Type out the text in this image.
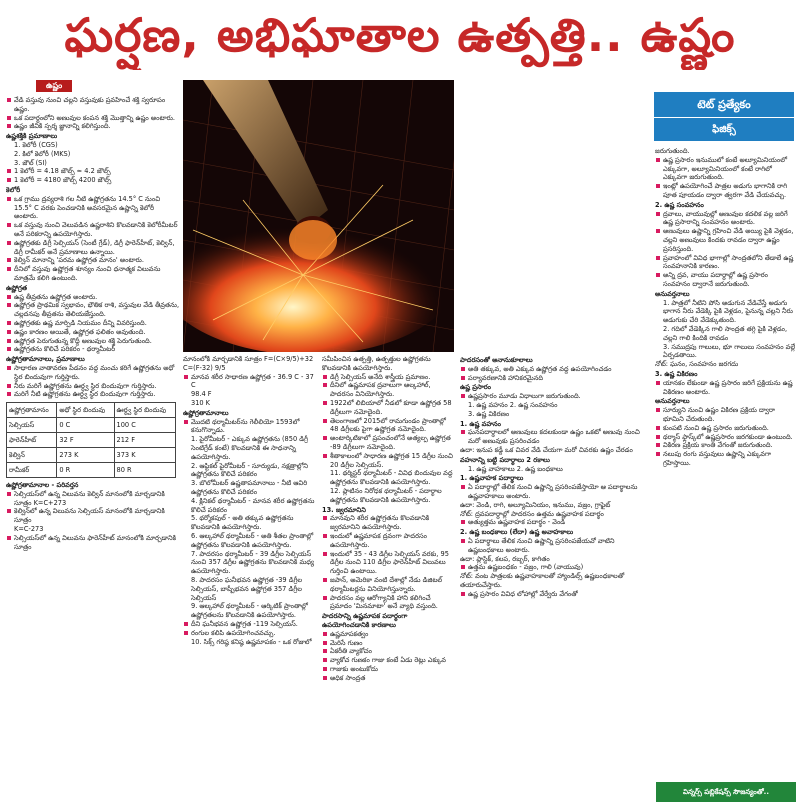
ఘర్షణ, అభిఘాతాల ఉత్పత్తి.. ఉష్ణం
ఉష్ణం

వేడి వస్తువు నుంచి చల్లని వస్తువుకు ప్రవహించే శక్తి స్వరూపం ఉష్ణం.

ఒక పదార్థంలోని అణువుల కంపన శక్తి మొత్తాన్ని ఉష్ణం అంటారు.

ఉష్ణం జీవికి స్పర్శ జ్ఞానాన్ని కలిగిస్తుంది.

ఉష్ణశక్తికి ప్రమాణాలు

1. కెలోరీ (CGS)

2. కిలో కెలోరీ (MKS)

3. జౌల్ (SI)

1 కెలోరీ = 4.18 జౌల్స్ ≈ 4.2 జౌల్స్

1 కెలోరీ = 4180 జౌల్స్ 4200 జౌల్స్

కెలోరీ

ఒక గ్రాము ద్రవ్యరాశి గల నీటి ఉష్ణోగ్రతను 14.5° C నుంచి 15.5° C వరకు పెంచడానికి అవసరమైన ఉష్ణాన్ని కెలోరీ అంటారు.

ఒక వస్తువు నుంచి వెలువడిన ఉష్ణరాశిని కొలవడానికి కెలోరీమీటర్ అనే పరికరాన్ని ఉపయోగిస్తారు.

ఉష్ణోగ్రతకు డిగ్రీ సెల్సియస్ (సెంటీ గ్రేడ్), డిగ్రీ ఫారెన్‌హీట్, కెల్విన్, డిగ్రీ రామీకర్ అనే ప్రమాణాలు ఉన్నాయి.

కెల్విన్ మానాన్ని 'పరమ ఉష్ణోగ్రత మానం' అంటారు.

దీనిలో వస్తువు ఉష్ణోగ్రత శూన్యం నుంచి ధనాత్మక విలువను మాత్రమే కలిగి ఉంటుంది.

ఉష్ణోగ్రత

ఉష్ణ తీవ్రతను ఉష్ణోగ్రత అంటారు.

ఉష్ణోగ్రత ప్రాథమిక స్వభావం, భౌతిక రాశి, వస్తువుల వేడి తీవ్రతను, చల్లదనపు తీవ్రతను తెలియజేస్తుంది.

ఉష్ణోగ్రతకు ఉష్ణ మార్పిడి నియమం దీన్ని వివరిస్తుంది.

ఉష్ణం కారణం అయితే, ఉష్ణోగ్రత ఫలితం అవుతుంది.

ఉష్ణోగ్రత పెరుగుతున్న కొద్దీ అణువుల శక్తి పెరుగుతుంది.

ఉష్ణోగ్రతను కొలిచే పరికరం - థర్మామీటర్

ఉష్ణోగ్రతామానాలు, ప్రమాణాలు

సాధారణ వాతావరణ పీడనం వద్ద మంచు కరిగే ఉష్ణోగ్రతను అధో స్థిర బిందువుగా గుర్తిస్తారు.

నీరు మరిగే ఉష్ణోగ్రతను ఊర్ధ్వ స్థిర బిందువుగా గుర్తిస్తారు.

మరిగే నీటి ఉష్ణోగ్రతను ఊర్ధ్వ స్థిర బిందువుగా గుర్తిస్తారు.

ఉష్ణోగ్రతామానం	అధో స్థిర బిందువు	ఊర్ధ్వ స్థిర బిందువు
సెల్సియస్	0 C	100 C
ఫారెన్‌హీట్	32 F	212 F
కెల్విన్	273 K	373 K
రామీకర్	0 R	80 R

ఉష్ణోగ్రతామానాల - పరివర్తన

సెల్సియస్‌లో ఉన్న విలువను కెల్విన్ మానంలోకి మార్చడానికి సూత్రం K=C+273

కెల్విన్‌లో ఉన్న విలువను సెల్సియస్ మానంలోకి మార్చడానికి సూత్రం

K=C-273

సెల్సియస్‌లో ఉన్న విలువను ఫారెన్‌హీట్ మానంలోకి మార్చడానికి సూత్రం

మానంలోకి మార్చడానికి సూత్రం F=(C×9/5)+32

C=(F-32) 9/5

మానవ శరీర సాధారణ ఉష్ణోగ్రత - 36.9 C - 37 C

98.4 F

310 K

ఉష్ణోగ్రతామానాలు

మొదటి థర్మామీటర్‌ను గెలీలియో 1593లో కనుగొన్నాడు.

1. పైరోమీటర్ - ఎక్కువ ఉష్ణోగ్రతను (850 డిగ్రీ సెంటిగ్రేడ్ కంటే) కొలవడానికి ఈ సాధనాన్ని ఉపయోగిస్తారు.

2. ఆప్టికల్ పైరోమీటర్ - సూర్యుడు, నక్షత్రాల్లోని ఉష్ణోగ్రతను కొలిచే పరికరం

3. బొలోమీటర్ ఉష్ణతాపమానాలు - నీటి ఆవిరి ఉష్ణోగ్రతను కొలిచే పరికరం

4. క్లినికల్ థర్మామీటర్ - మానవ శరీర ఉష్ణోగ్రతను కొలిచే పరికరం

5. థర్మోకపుల్ - అతి తక్కువ ఉష్ణోగ్రతను కొలవడానికి ఉపయోగిస్తారు.

6. ఆల్కహాల్ థర్మామీటర్ - అతి శీతల ప్రాంతాల్లో ఉష్ణోగ్రతను కొలవడానికి ఉపయోగిస్తారు.

7. పాదరసం థర్మామీటర్ - 39 డిగ్రీల సెల్సియస్ నుంచి 357 డిగ్రీల ఉష్ణోగ్రతను కొలవడానికి మధ్య ఉపయోగిస్తారు.

8. పాదరసం ఘనీభవన ఉష్ణోగ్రత -39 డిగ్రీల సెల్సియస్, బాష్పీభవన ఉష్ణోగ్రత 357 డిగ్రీల సెల్సియస్

9. ఆల్కహాల్ థర్మామీటర్ - ఆర్కిటిక్ ప్రాంతాల్లో ఉష్ణోగ్రతలను కొలవడానికి ఉపయోగిస్తారు.

దీని ఘనీభవన ఉష్ణోగ్రత -119 సెల్సియస్.

రంగుల కలిపి ఉపయోగించవచ్చు.

10. సిక్స్ గరిష్ఠ కనిష్ఠ ఉష్ణమాపకం - ఒక రోజులో

సమీపించిన ఉత్పత్తి, ఉత్పత్తుల ఉష్ణోగ్రతను కొలవడానికి ఉపయోగిస్తారు.

డిగ్రీ సెల్సియస్ అనేది శాస్త్రీయ ప్రమాణం.

దీనిలో ఉష్ణమాపక ద్రవాలుగా ఆల్కహాల్, పాదరసం వినియోగిస్తారు.

1922లో లిబియాలో నీడలో కూడా ఉష్ణోగ్రత 58 డిగ్రీలుగా నమోదైంది.

తెలంగాణలో 2015లో రామగుండం ప్రాంతాల్లో 48 డిగ్రీలకు పైగా ఉష్ణోగ్రత నమోదైంది.

అంటార్కిటికాలో ప్రపంచంలోనే అత్యల్ప ఉష్ణోగ్రత -89 డిగ్రీలుగా నమోదైంది.

శీతాకాలంలో సాధారణ ఉష్ణోగ్రత 15 డిగ్రీల నుంచి 20 డిగ్రీల సెల్సియస్.

11. థర్మిస్టర్ థర్మామీటర్ - వివిధ బిందువుల వద్ద ఉష్ణోగ్రతను కొలవడానికి ఉపయోగిస్తారు.

12. ప్లాటినం నిరోధక థర్మామీటర్ - పదార్థాల ఉష్ణోగ్రతను కొలవడానికి ఉపయోగిస్తారు.

13. జ్వరమానిని

మానవుని శరీర ఉష్ణోగ్రతను కొలవడానికి జ్వరమానిని ఉపయోగిస్తారు.

ఇందులో ఉష్ణమాపక ద్రవంగా పాదరసం ఉపయోగిస్తారు.

ఇందులో 35 - 43 డిగ్రీల సెల్సియస్ వరకు, 95 డిగ్రీల నుంచి 110 డిగ్రీల ఫారెన్‌హీట్ విలువలు గుర్తించి ఉంటాయి.

జపాన్, అమెరికా వంటి దేశాల్లో నేడు డిజిటల్ థర్మామీటర్లను వినియోగిస్తున్నారు.

పాదరసం వల్ల ఆరోగ్యానికి హాని కలిగించే ప్రమాదం 'మినమాటా' అనే వ్యాధి వస్తుంది.

పాదరసాన్ని ఉష్ణమాపక పదార్థంగా ఉపయోగించడానికి కారణాలు

ఉష్ణమాపకత్వం

మెరిసే గుణం

ఏకరీతి వ్యాకోచం

వ్యాకోచ గుణకం గాజు కంటే ఏడు రెట్లు ఎక్కువ

గాజుకు అంటుకోదు

అధిక సాంద్రత

పాదరసంతో అనానుకూలాలు

అతి తక్కువ, అతి ఎక్కువ ఉష్ణోగ్రత వద్ద ఉపయోగించడం

పర్యావరణానికి హానికరమైనది

ఉష్ణ ప్రసారం

ఉష్ణప్రసారం మూడు విధాలుగా జరుగుతుంది.

1. ఉష్ణ వహనం 2. ఉష్ణ సంవహనం

3. ఉష్ణ వికిరణం

1. ఉష్ణ వహనం

ఘనపదార్థాలలో అణువులు కదలకుండా ఉష్ణం ఒకటో అణువు నుంచి మరో అణువుకు ప్రసరించడం

ఉదా: ఇనుప కడ్డీ ఒక చివర వేడి చేయగా మరో చివరకు ఉష్ణం చేరడం

వహనాన్ని బట్టి పదార్థాలు 2 రకాలు

1. ఉష్ణ వాహకాలు 2. ఉష్ణ బంధకాలు

1. ఉష్ణవాహక పదార్థాలు

ఏ పదార్థాల్లో తేలిక నుంచి ఉష్ణాన్ని ప్రసరింపజేస్తాయో ఆ పదార్థాలను ఉష్ణవాహకాలు అంటారు.

ఉదా: వెండి, రాగి, అల్యూమినియం, ఇనుము, వజ్రం, గ్రాఫైట్

నోట్: ద్రవపదార్థాల్లో పాదరసం ఉత్తమ ఉష్ణవాహక పదార్థం

అత్యుత్తమ ఉష్ణవాహక పదార్థం - వెండి

2. ఉష్ణ బంధకాలు (లేదా) ఉష్ణ అవాహకాలు

ఏ పదార్థాలు తేలిక నుంచి ఉష్ణాన్ని ప్రసరింపజేయవో వాటిని ఉష్ణబంధకాలు అంటారు.

ఉదా: ప్లాస్టిక్, కలప, రబ్బర్, కాగితం

ఉత్తమ ఉష్ణబంధకం - వజ్రం, గాలి (వాయువు)

నోట్: వంట పాత్రలకు ఉష్ణవాహకాలతో హ్యాండిల్స్ ఉష్ణబంధకాలతో తయారుచేస్తారు.

ఉష్ణ ప్రసారం వివిధ లోహాల్లో వేర్వేరు వేగంతో

టెట్ ప్రత్యేకం
ఫిజిక్స్

జరుగుతుంది.

ఉష్ణ ప్రసారం ఇనుములో కంటే అల్యూమినియంలో ఎక్కువగా, అల్యూమినియంలో కంటే రాగిలో ఎక్కువగా జరుగుతుంది.

ఇంట్లో ఉపయోగించే పాత్రల అడుగు భాగానికి రాగి పూత పూయడం ద్వారా త్వరగా వేడి చేయవచ్చు.

2. ఉష్ణ సంవహనం

ద్రవాలు, వాయువుల్లో అణువుల కదలిక వల్ల జరిగే ఉష్ణ ప్రసారాన్ని సంవహనం అంటారు.

అణువులు ఉష్ణాన్ని గ్రహించి వేడి అయ్యి పైకి వెళ్లడం, చల్లని అణువులు కిందకు రావడం ద్వారా ఉష్ణం ప్రసరిస్తుంది.

ప్రవాహంలో వివిధ భాగాల్లో సాంద్రతలోని తేడాలే ఉష్ణ సంవహనానికి కారణం.

అన్ని ద్రవ, వాయు పదార్థాల్లో ఉష్ణ ప్రసారం సంవహనం ద్వారానే జరుగుతుంది.

అనువర్తనాలు

1. పాత్రలో నీటిని పోసి అడుగున వేడిచేస్తే అడుగు భాగాన నీరు వేడెక్కి పైకి వెళ్లడం, పైనున్న చల్లని నీరు అడుగుకు చేరి వేడెక్కుతుంది.

2. గదిలో వేడెక్కిన గాలి సాంద్రత తగ్గి పైకి వెళ్లడం, చల్లని గాలి కిందికి రావడం

3. సముద్రపు గాలులు, భూ గాలులు సంవహనం వల్లే ఏర్పడతాయి.

నోట్: ఘనం, సంవహనం జరగదు

3. ఉష్ణ వికిరణం

యానకం లేకుండా ఉష్ణ ప్రసారం జరిగే ప్రక్రియను ఉష్ణ వికిరణం అంటారు.

అనువర్తనాలు

సూర్యుని నుంచి ఉష్ణం వికిరణ ప్రక్రియ ద్వారా భూమిని చేరుతుంది.

కుంపటి నుంచి ఉష్ణ ప్రసారం జరుగుతుంది.

థర్మాస్ ఫ్లాస్క్‌లో ఉష్ణప్రసారం జరగకుండా ఉంటుంది.

వికిరణ ప్రక్రియ కాంతి వేగంతో జరుగుతుంది.

నలుపు రంగు వస్తువులు ఉష్ణాన్ని ఎక్కువగా గ్రహిస్తాయి.

విన్నర్స్ పబ్లికేషన్స్ సౌజన్యంతో..
